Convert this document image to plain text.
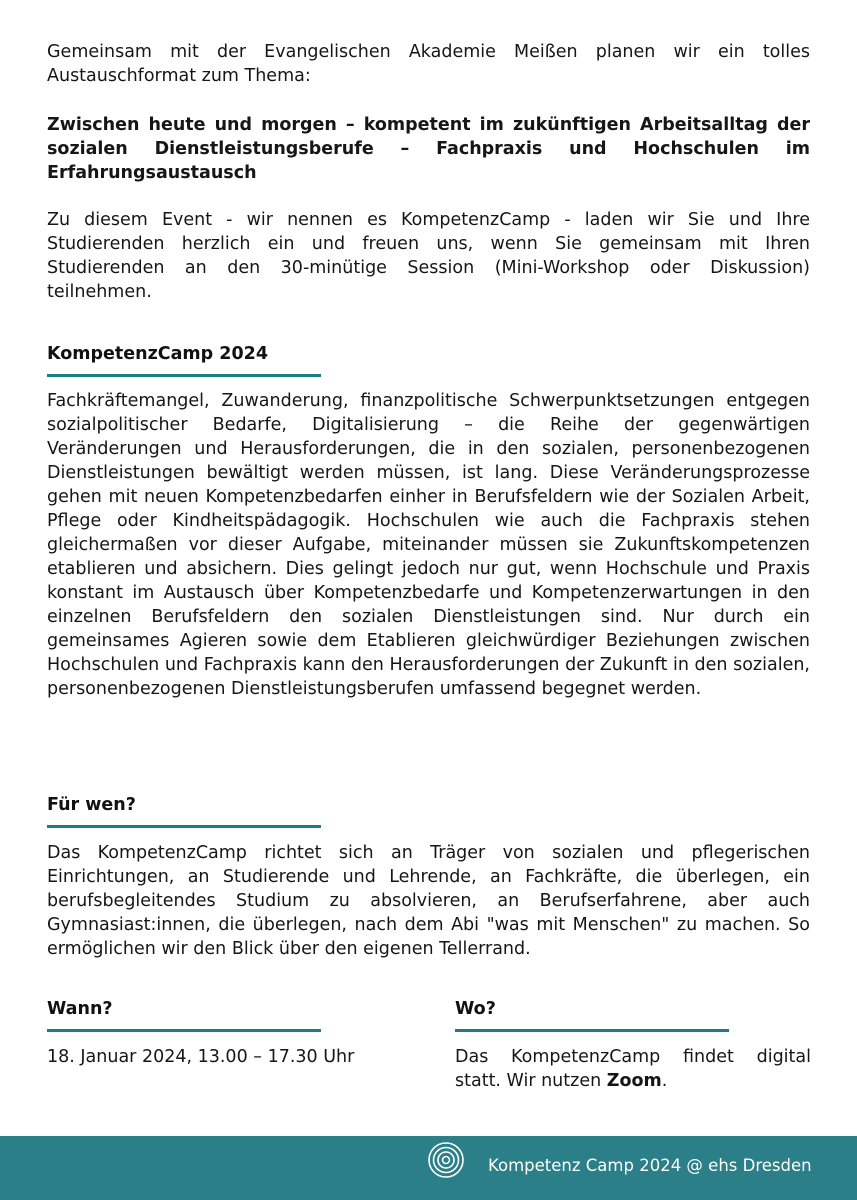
Gemeinsam mit der Evangelischen Akademie Meißen planen wir ein tolles Austauschformat zum Thema:

Zwischen heute und morgen – kompetent im zukünftigen Arbeitsalltag der sozialen Dienstleistungsberufe – Fachpraxis und Hochschulen im Erfahrungsaustausch

Zu diesem Event - wir nennen es KompetenzCamp - laden wir Sie und Ihre Studierenden herzlich ein und freuen uns, wenn Sie gemeinsam mit Ihren Studierenden an den 30-minütige Session (Mini-Workshop oder Diskussion) teilnehmen.

KompetenzCamp 2024

Fachkräftemangel, Zuwanderung, finanzpolitische Schwerpunktsetzungen entgegen sozialpolitischer Bedarfe, Digitalisierung – die Reihe der gegenwärtigen Veränderungen und Herausforderungen, die in den sozialen, personenbezogenen Dienstleistungen bewältigt werden müssen, ist lang. Diese Veränderungsprozesse gehen mit neuen Kompetenzbedarfen einher in Berufsfeldern wie der Sozialen Arbeit, Pflege oder Kindheitspädagogik. Hochschulen wie auch die Fachpraxis stehen gleichermaßen vor dieser Aufgabe, miteinander müssen sie Zukunftskompetenzen etablieren und absichern. Dies gelingt jedoch nur gut, wenn Hochschule und Praxis konstant im Austausch über Kompetenzbedarfe und Kompetenzerwartungen in den einzelnen Berufsfeldern den sozialen Dienstleistungen sind. Nur durch ein gemeinsames Agieren sowie dem Etablieren gleichwürdiger Beziehungen zwischen Hochschulen und Fachpraxis kann den Herausforderungen der Zukunft in den sozialen, personenbezogenen Dienstleistungsberufen umfassend begegnet werden.

Für wen?

Das KompetenzCamp richtet sich an Träger von sozialen und pflegerischen Einrichtungen, an Studierende und Lehrende, an Fachkräfte, die überlegen, ein berufsbegleitendes Studium zu absolvieren, an Berufserfahrene, aber auch Gymnasiast:innen, die überlegen, nach dem Abi "was mit Menschen" zu machen. So ermöglichen wir den Blick über den eigenen Tellerrand.

Wann?

18. Januar 2024, 13.00 – 17.30 Uhr

Wo?

Das KompetenzCamp findet digital statt. Wir nutzen Zoom.

Kompetenz Camp 2024 @ ehs Dresden
